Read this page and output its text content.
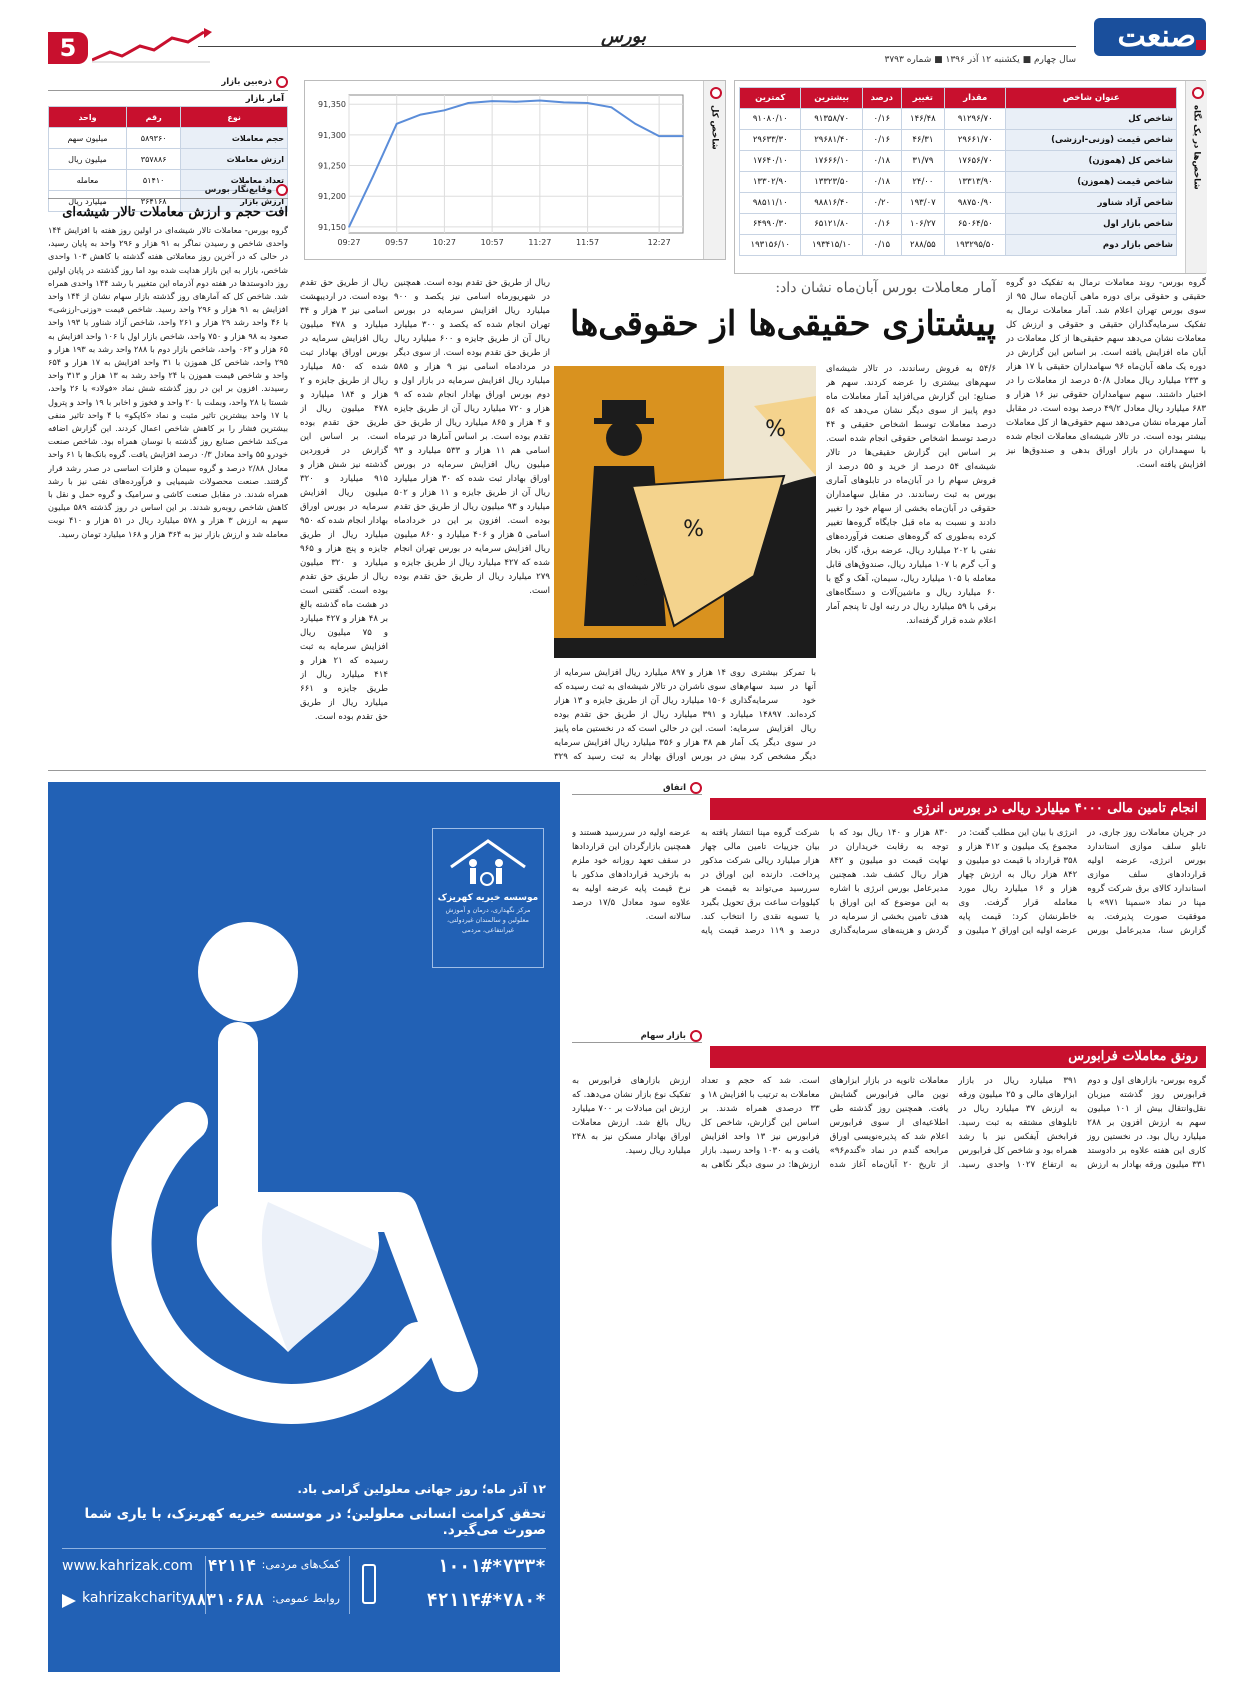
صنعت
سال چهارم ■ یکشنبه ۱۲ آذر ۱۳۹۶ ■ شماره ۳۷۹۳
بورس
5
شاخص‌ها در یک نگاه
عنوان شاخص	مقدار	تغییر	درصد	بیشترین	کمترین
شاخص کل	۹۱۲۹۶/۷۰	۱۴۶/۴۸	۰/۱۶	۹۱۳۵۸/۷۰	۹۱۰۸۰/۱۰
شاخص قیمت (وزنی-ارزشی)	۲۹۶۶۱/۷۰	۴۶/۳۱	۰/۱۶	۲۹۶۸۱/۴۰	۲۹۶۳۳/۳۰
شاخص کل (هموزن)	۱۷۶۵۶/۷۰	۳۱/۷۹	۰/۱۸	۱۷۶۶۶/۱۰	۱۷۶۴۰/۱۰
شاخص قیمت (هموزن)	۱۳۳۱۳/۹۰	۲۴/۰۰	۰/۱۸	۱۳۳۲۳/۵۰	۱۳۳۰۲/۹۰
شاخص آزاد شناور	۹۸۷۵۰/۹۰	۱۹۳/۰۷	۰/۲۰	۹۸۸۱۶/۴۰	۹۸۵۱۱/۱۰
شاخص بازار اول	۶۵۰۶۴/۵۰	۱۰۶/۲۷	۰/۱۶	۶۵۱۲۱/۸۰	۶۴۹۹۰/۳۰
شاخص بازار دوم	۱۹۳۲۹۵/۵۰	۲۸۸/۵۵	۰/۱۵	۱۹۳۴۱۵/۱۰	۱۹۳۱۵۶/۱۰
شاخص کل
91,150
91,200
91,250
91,300
91,350
09:27	09:57	10:27	10:57	11:27	11:57	12:27
ذره‌بین بازار
آمار بازار
نوع	رقم	واحد
حجم معاملات	۵۸۹۳۶۰	میلیون سهم
ارزش معاملات	۳۵۷۸۸۶	میلیون ریال
تعداد معاملات	۵۱۴۱۰	معامله
ارزش بازار	۳۶۴۱۶۸	میلیارد ریال
وقایع‌نگار بورس
افت حجم و ارزش معاملات تالار شیشه‌ای
گروه بورس- معاملات تالار شیشه‌ای در اولین روز هفته با افزایش ۱۴۴ واحدی شاخص و رسیدن نماگر به ۹۱ هزار و ۲۹۶ واحد به پایان رسید، در حالی که در آخرین روز معاملاتی هفته گذشته با کاهش ۱۰۳ واحدی شاخص، بازار به این بازار هدایت شده بود اما روز گذشته در پایان اولین روز داد‌وستدها در هفته دوم آذرماه این متغییر با رشد ۱۴۴ واحدی همراه شد. شاخص کل که آمارهای روز گذشته بازار سهام نشان از ۱۴۴ واحد افزایش به ۹۱ هزار و ۲۹۶ واحد رسید. شاخص قیمت «وزنی-ارزشی» با ۴۶ واحد رشد ۲۹ هزار و ۲۶۱ واحد، شاخص آزاد شناور با ۱۹۳ واحد صعود به ۹۸ هزار و ۷۵۰ واحد، شاخص بازار اول با ۱۰۶ واحد افزایش به ۶۵ هزار و ۰۶۳ واحد، شاخص بازار دوم با ۲۸۸ واحد رشد به ۱۹۳ هزار و ۲۹۵ واحد، شاخص کل هموزن با ۳۱ واحد افزایش به ۱۷ هزار و ۶۵۴ واحد و شاخص قیمت هموزن با ۲۴ واحد رشد به ۱۳ هزار و ۳۱۳ واحد رسیدند. افزون بر این در روز گذشته شش نماد «فولاد» با ۲۶ واحد، شستا با ۲۸ واحد، وبملت با ۲۰ واحد و فخوز و اخابر با ۱۹ واحد و پترول با ۱۷ واحد بیشترین تاثیر مثبت و نماد «کاپکو» با ۴ واحد تاثیر منفی بیشترین فشار را بر کاهش شاخص اعمال کردند. این گزارش اضافه می‌کند شاخص صنایع روز گذشته با نوسان همراه بود. شاخص صنعت خودرو ۵۵ واحد معادل ۰/۳ درصد افزایش یافت. گروه بانک‌ها با ۶۱ واحد معادل ۲/۸۸ درصد و گروه سیمان و فلزات اساسی در صدر رشد قرار گرفتند. صنعت محصولات شیمیایی و فرآورده‌های نفتی نیز با رشد همراه شدند. در مقابل صنعت کاشی و سرامیک و گروه حمل و نقل با کاهش شاخص روبه‌رو شدند. بر این اساس در روز گذشته ۵۸۹ میلیون سهم به ارزش ۳ هزار و ۵۷۸ میلیارد ریال در ۵۱ هزار و ۴۱۰ نوبت معامله شد و ارزش بازار نیز به ۳۶۴ هزار و ۱۶۸ میلیارد تومان رسید.
آمار معاملات بورس آبان‌ماه نشان داد:
پیشتازی حقیقی‌ها از حقوقی‌ها
گروه بورس- روند معاملات نرمال به تفکیک دو گروه حقیقی و حقوقی برای دوره ماهی آبان‌ماه سال ۹۵ از سوی بورس تهران اعلام شد. آمار معاملات نرمال به تفکیک سرمایه‌گذاران حقیقی و حقوقی و ارزش کل معاملات نشان می‌دهد سهم حقیقی‌ها از کل معاملات در آبان ماه افزایش یافته است. بر اساس این گزارش در دوره یک ماهه آبان‌ماه ۹۶ سهامداران حقیقی با ۱۷ هزار و ۲۳۳ میلیارد ریال معادل ۵۰/۸ درصد از معاملات را در اختیار داشتند. سهم سهامداران حقوقی نیز ۱۶ هزار و ۶۸۳ میلیارد ریال معادل ۴۹/۲ درصد بوده است. در مقابل آمار مهرماه نشان می‌دهد سهم حقوقی‌ها از کل معاملات بیشتر بوده است. در تالار شیشه‌ای معاملات انجام شده با سهمداران در بازار اوراق بدهی و صندوق‌ها نیز افزایش یافته است.
۵۴/۶ به فروش رساندند، در تالار شیشه‌ای سهم‌های بیشتری را عرضه کردند. سهم هر صنایع: این گزارش می‌افزاید آمار معاملات ماه دوم پاییز از سوی دیگر نشان می‌دهد که ۵۶ درصد معاملات توسط اشخاص حقیقی و ۴۴ درصد توسط اشخاص حقوقی انجام شده است. بر اساس این گزارش حقیقی‌ها در تالار شیشه‌ای ۵۴ درصد از خرید و ۵۵ درصد از فروش سهام را در آبان‌ماه در تابلوهای آماری بورس به ثبت رساندند. در مقابل سهامداران حقوقی در آبان‌ماه بخشی از سهام خود را تغییر دادند و نسبت به ماه قبل جایگاه گروه‌ها تغییر کرده به‌طوری که گروه‌های صنعت فرآورده‌های نفتی با ۲۰۲ میلیارد ریال، عرضه برق، گاز، بخار و آب گرم با ۱۰۷ میلیارد ریال، صندوق‌های قابل معامله با ۱۰۵ میلیارد ریال، سیمان، آهک و گچ با ۶۰ میلیارد ریال و ماشین‌آلات و دستگاه‌های برقی با ۵۹ میلیارد ریال در رتبه اول تا پنجم آمار اعلام شده قرار گرفته‌اند.
%
%
%
ریال از طریق حق تقدم بوده است. همچنین در شهریورماه اسامی نیز یکصد و ۹۰۰ میلیارد ریال افزایش سرمایه در بورس تهران انجام شده که یکصد و ۳۰۰ میلیارد ریال آن از طریق جایزه و ۶۰۰ میلیارد ریال از طریق حق تقدم بوده است. از سوی دیگر در مردادماه اسامی نیز ۹ هزار و ۵۸۵ میلیارد ریال افزایش سرمایه در بازار اول و دوم بورس اوراق بهادار انجام شده که ۹ هزار و ۷۲۰ میلیارد ریال آن از طریق جایزه و ۴ هزار و ۸۶۵ میلیارد ریال از طریق حق تقدم بوده است. بر اساس آمارها در تیرماه اسامی هم ۱۱ هزار و ۵۳۳ میلیارد و ۹۳ میلیون ریال افزایش سرمایه در بورس اوراق بهادار ثبت شده که ۳۰ هزار میلیارد ریال آن از طریق جایزه و ۱۱ هزار و ۵۰۲ میلیارد و ۹۳ میلیون ریال از طریق حق تقدم بوده است. افزون بر این در خردادماه اسامی ۵ هزار و ۴۰۶ میلیارد و ۸۶۰ میلیون ریال افزایش سرمایه در بورس تهران انجام شده که ۴۲۷ میلیارد ریال از طریق جایزه و ۲۷۹ میلیارد ریال از طریق حق تقدم بوده است.
ریال از طریق حق تقدم بوده است. در اردیبهشت اسامی نیز ۳ هزار و ۳۴ میلیارد و ۴۷۸ میلیون ریال افزایش سرمایه در بورس اوراق بهادار ثبت شده که ۸۵۰ میلیارد ریال از طریق جایزه و ۲ هزار و ۱۸۴ میلیارد و ۴۷۸ میلیون ریال از طریق حق تقدم بوده است. بر اساس این گزارش در فروردین گذشته نیز شش هزار و ۹۱۵ میلیارد و ۳۲۰ میلیون ریال افزایش سرمایه در بورس اوراق بهادار انجام شده که ۹۵۰ میلیارد ریال از طریق جایزه و پنج هزار و ۹۶۵ میلیارد و ۳۲۰ میلیون ریال از طریق حق تقدم بوده است. گفتنی است در هشت ماه گذشته بالغ بر ۴۸ هزار و ۴۲۷ میلیارد و ۷۵ میلیون ریال افزایش سرمایه به ثبت رسیده که ۲۱ هزار و ۴۱۴ میلیارد ریال از طریق جایزه و ۶۶۱ میلیارد ریال از طریق حق تقدم بوده است.
۱۴ هزار و ۸۹۷ میلیارد ریال افزایش سرمایه از سوی ناشران در تالار شیشه‌ای به ثبت رسیده که ۱۵۰۶ میلیارد ریال آن از طریق جایزه و ۱۳ هزار و ۳۹۱ میلیارد ریال از طریق حق تقدم بوده است. این در حالی است که در نخستین ماه پاییز هم ۳۸ هزار و ۳۵۶ میلیارد ریال افزایش سرمایه در بورس اوراق بهادار به ثبت رسید که ۳۲۹
با تمرکز بیشتری روی آنها در سبد سهام‌های خود سرمایه‌گذاری کرده‌اند. ۱۴۸۹۷ میلیارد ریال افزایش سرمایه: در سوی دیگر یک آمار دیگر مشخص کرد بیش
موسسه خیریه کهریزک
مرکز نگهداری، درمان و آموزش معلولین و سالمندان غیردولتی، غیرانتفاعی، مردمی
۱۲ آذر ماه؛ روز جهانی معلولین گرامی باد.
تحقق کرامت انسانی معلولین؛ در موسسه خیریه کهریزک، با یاری شما صورت می‌گیرد.
*۷۳۳*۱۰۰۱#
*۷۸۰*۴۲۱۱۴#
کمک‌های مردمی:
۴۲۱۱۴
روابط عمومی:
۸۸۳۱۰۶۸۸
www.kahrizak.com
kahrizakcharity
اتفاق
انجام تامین مالی ۴۰۰۰ میلیارد ریالی در بورس انرژی
در جریان معاملات روز جاری، در تابلو سلف موازی استاندارد بورس انرژی، عرضه اولیه قراردادهای سلف موازی استاندارد کالای برق شرکت گروه مپنا در نماد «سمپنا ۹۷۱» با موفقیت صورت پذیرفت. به گزارش سنا، مدیرعامل بورس انرژی با بیان این مطلب گفت: در مجموع یک میلیون و ۴۱۲ هزار و ۳۵۸ قرارداد با قیمت دو میلیون و ۸۴۲ هزار ریال به ارزش چهار هزار و ۱۶ میلیارد ریال مورد معامله قرار گرفت. وی خاطرنشان کرد: قیمت پایه عرضه اولیه این اوراق ۲ میلیون و ۸۳۰ هزار و ۱۴۰ ریال بود که با توجه به رقابت خریداران در نهایت قیمت دو میلیون و ۸۴۲ هزار ریال کشف شد. همچنین مدیرعامل بورس انرژی با اشاره به این موضوع که این اوراق با هدف تامین بخشی از سرمایه در گردش و هزینه‌های سرمایه‌گذاری شرکت گروه مپنا انتشار یافته به بیان جزییات تامین مالی چهار هزار میلیارد ریالی شرکت مذکور پرداخت. دارنده این اوراق در سررسید می‌تواند به قیمت هر کیلووات ساعت برق تحویل بگیرد یا تسویه نقدی را انتخاب کند. درصد و ۱۱۹ درصد قیمت پایه عرضه اولیه در سررسید هستند و همچنین بازارگردان این قراردادها در سقف تعهد روزانه خود ملزم به بازخرید قراردادهای مذکور با نرخ قیمت پایه عرضه اولیه به علاوه سود معادل ۱۷/۵ درصد سالانه است.
بازار سهام
رونق معاملات فرابورس
گروه بورس- بازارهای اول و دوم فرابورس روز گذشته میزبان نقل‌وانتقال بیش از ۱۰۱ میلیون سهم به ارزش افزون بر ۲۸۸ میلیارد ریال بود. در نخستین روز کاری این هفته علاوه بر داد‌وستد ۳۳۱ میلیون ورقه بهادار به ارزش ۳۹۱ میلیارد ریال در بازار ابزارهای مالی و ۲۵ میلیون ورقه به ارزش ۳۷ میلیارد ریال در تابلوهای مشتقه به ثبت رسید. فرابخش آیفکس نیز با رشد همراه بود و شاخص کل فرابورس به ارتفاع ۱۰۲۷ واحدی رسید. معاملات ثانویه در بازار ابزارهای نوین مالی فرابورس گشایش یافت. همچنین روز گذشته طی اطلاعیه‌ای از سوی فرابورس اعلام شد که پذیره‌نویسی اوراق مرابحه گندم در نماد «گندم۹۶» از تاریخ ۲۰ آبان‌ماه آغاز شده است. شد که حجم و تعداد معاملات به ترتیب با افزایش ۱۸ و ۳۳ درصدی همراه شدند. بر اساس این گزارش، شاخص کل فرابورس نیز ۱۳ واحد افزایش یافت و به ۱۰۳۰ واحد رسید. بازار ارزش‌ها: در سوی دیگر نگاهی به ارزش بازارهای فرابورس به تفکیک نوع بازار نشان می‌دهد. که ارزش این مبادلات بر ۷۰۰ میلیارد ریال بالغ شد. ارزش معاملات اوراق بهادار مسکن نیز به ۲۴۸ میلیارد ریال رسید.
